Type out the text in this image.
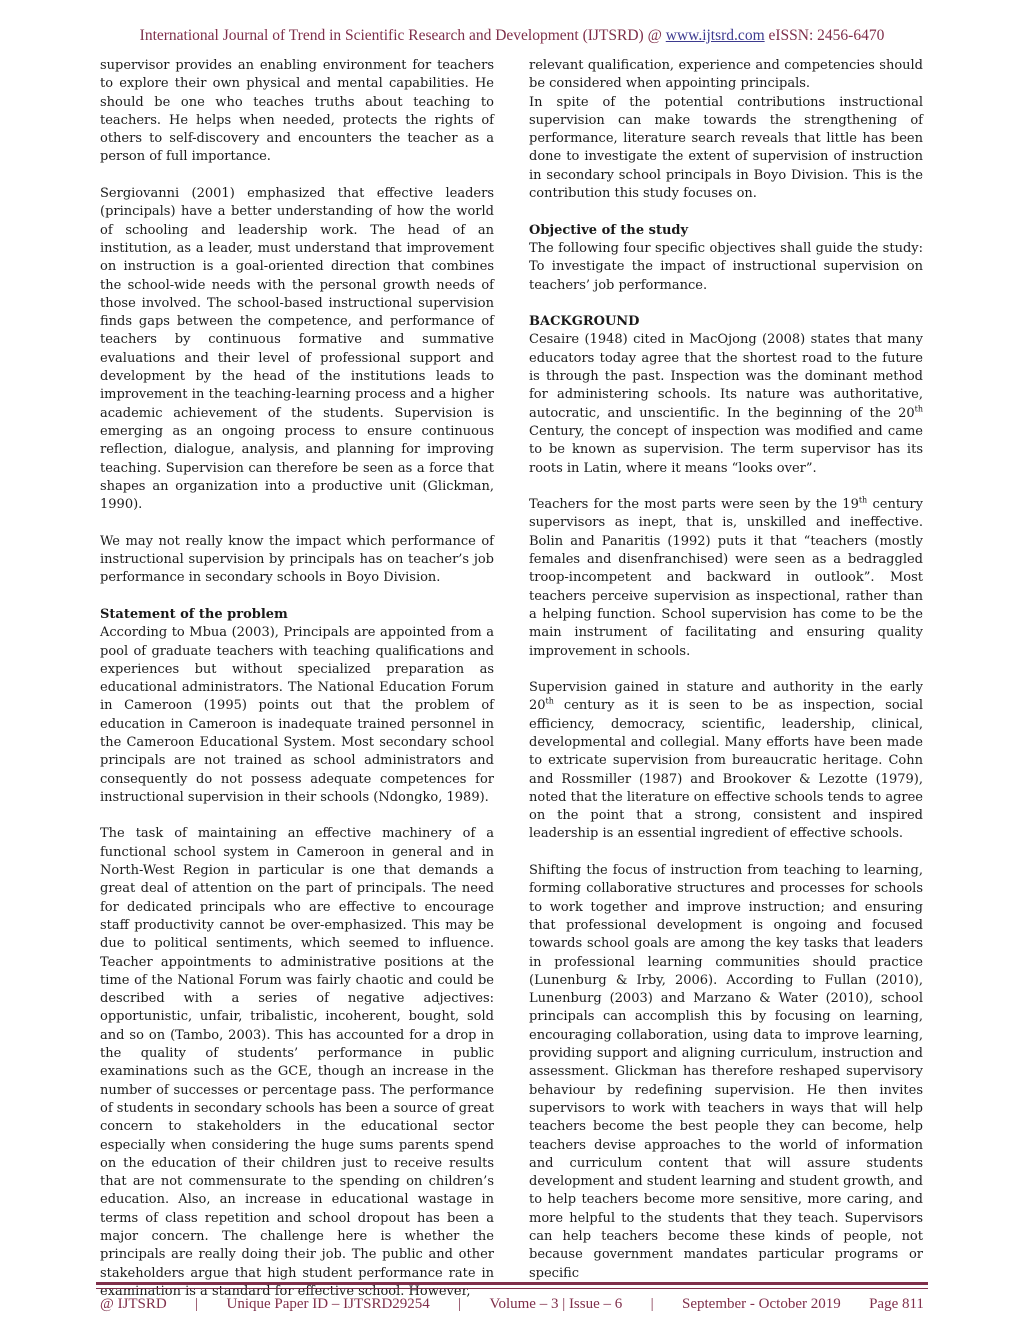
International Journal of Trend in Scientific Research and Development (IJTSRD) @ www.ijtsrd.com eISSN: 2456-6470

supervisor provides an enabling environment for teachers to explore their own physical and mental capabilities. He should be one who teaches truths about teaching to teachers. He helps when needed, protects the rights of others to self-discovery and encounters the teacher as a person of full importance.

Sergiovanni (2001) emphasized that effective leaders (principals) have a better understanding of how the world of schooling and leadership work. The head of an institution, as a leader, must understand that improvement on instruction is a goal-oriented direction that combines the school-wide needs with the personal growth needs of those involved. The school-based instructional supervision finds gaps between the competence, and performance of teachers by continuous formative and summative evaluations and their level of professional support and development by the head of the institutions leads to improvement in the teaching-learning process and a higher academic achievement of the students. Supervision is emerging as an ongoing process to ensure continuous reflection, dialogue, analysis, and planning for improving teaching. Supervision can therefore be seen as a force that shapes an organization into a productive unit (Glickman, 1990).

We may not really know the impact which performance of instructional supervision by principals has on teacher’s job performance in secondary schools in Boyo Division.

Statement of the problem

According to Mbua (2003), Principals are appointed from a pool of graduate teachers with teaching qualifications and experiences but without specialized preparation as educational administrators. The National Education Forum in Cameroon (1995) points out that the problem of education in Cameroon is inadequate trained personnel in the Cameroon Educational System. Most secondary school principals are not trained as school administrators and consequently do not possess adequate competences for instructional supervision in their schools (Ndongko, 1989).

The task of maintaining an effective machinery of a functional school system in Cameroon in general and in North-West Region in particular is one that demands a great deal of attention on the part of principals. The need for dedicated principals who are effective to encourage staff productivity cannot be over-emphasized. This may be due to political sentiments, which seemed to influence. Teacher appointments to administrative positions at the time of the National Forum was fairly chaotic and could be described with a series of negative adjectives: opportunistic, unfair, tribalistic, incoherent, bought, sold and so on (Tambo, 2003). This has accounted for a drop in the quality of students’ performance in public examinations such as the GCE, though an increase in the number of successes or percentage pass. The performance of students in secondary schools has been a source of great concern to stakeholders in the educational sector especially when considering the huge sums parents spend on the education of their children just to receive results that are not commensurate to the spending on children’s education. Also, an increase in educational wastage in terms of class repetition and school dropout has been a major concern. The challenge here is whether the principals are really doing their job. The public and other stakeholders argue that high student performance rate in examination is a standard for effective school. However,

relevant qualification, experience and competencies should be considered when appointing principals.

In spite of the potential contributions instructional supervision can make towards the strengthening of performance, literature search reveals that little has been done to investigate the extent of supervision of instruction in secondary school principals in Boyo Division. This is the contribution this study focuses on.

Objective of the study

The following four specific objectives shall guide the study: To investigate the impact of instructional supervision on teachers’ job performance.

BACKGROUND

Cesaire (1948) cited in MacOjong (2008) states that many educators today agree that the shortest road to the future is through the past. Inspection was the dominant method for administering schools. Its nature was authoritative, autocratic, and unscientific. In the beginning of the 20th Century, the concept of inspection was modified and came to be known as supervision. The term supervisor has its roots in Latin, where it means “looks over”.

Teachers for the most parts were seen by the 19th century supervisors as inept, that is, unskilled and ineffective. Bolin and Panaritis (1992) puts it that “teachers (mostly females and disenfranchised) were seen as a bedraggled troop-incompetent and backward in outlook”. Most teachers perceive supervision as inspectional, rather than a helping function. School supervision has come to be the main instrument of facilitating and ensuring quality improvement in schools.

Supervision gained in stature and authority in the early 20th century as it is seen to be as inspection, social efficiency, democracy, scientific, leadership, clinical, developmental and collegial. Many efforts have been made to extricate supervision from bureaucratic heritage. Cohn and Rossmiller (1987) and Brookover & Lezotte (1979), noted that the literature on effective schools tends to agree on the point that a strong, consistent and inspired leadership is an essential ingredient of effective schools.

Shifting the focus of instruction from teaching to learning, forming collaborative structures and processes for schools to work together and improve instruction; and ensuring that professional development is ongoing and focused towards school goals are among the key tasks that leaders in professional learning communities should practice (Lunenburg & Irby, 2006). According to Fullan (2010), Lunenburg (2003) and Marzano & Water (2010), school principals can accomplish this by focusing on learning, encouraging collaboration, using data to improve learning, providing support and aligning curriculum, instruction and assessment. Glickman has therefore reshaped supervisory behaviour by redefining supervision. He then invites supervisors to work with teachers in ways that will help teachers become the best people they can become, help teachers devise approaches to the world of information and curriculum content that will assure students development and student learning and student growth, and to help teachers become more sensitive, more caring, and more helpful to the students that they teach. Supervisors can help teachers become these kinds of people, not because government mandates particular programs or specific

@ IJTSRD | Unique Paper ID – IJTSRD29254 | Volume – 3 | Issue – 6 | September - October 2019 Page 811
